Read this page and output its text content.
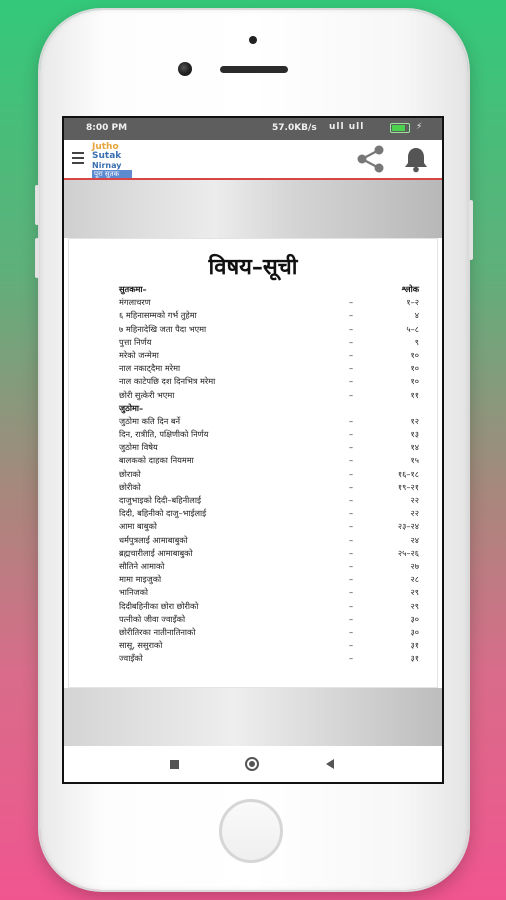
8:00 PM	57.0KB/s ull ull	⚡
Jutho
Sutak
Nirnay
पूरा सुतक
विषय–सूची
सुतकमा–	श्लोक
मंगलाचरण	–	१–२
६ महिनासम्मको गर्भ तुहेमा	–	४
७ महिनादेखि जता पैदा भएमा	–	५–८
पुत्ता निर्णय	–	९
मरेको जन्मेमा	–	१०
नाल नकाट्दैमा मरेमा	–	१०
नाल काटेपछि दश दिनभित्र मरेमा	–	१०
छोरी सुत्केरी भएमा	–	११
जुठोमा–
जुठोमा कति दिन बर्ने	–	१२
दिन, रात्रीति, पक्षिणीको निर्णय	–	१३
जुठोमा विषेय	–	१४
बालकको दाहका नियममा	–	१५
छोराको	–	१६–१८
छोरीको	–	१९–२१
दाजुभाइको दिदी–बहिनीलाई	–	२२
दिदी, बहिनीको दाजु–भाईलाई	–	२२
आमा बाबुको	–	२३–२४
धर्मपुत्रलाई आमाबाबुको	–	२४
ब्रह्मचारीलाई आमाबाबुको	–	२५–२६
सौतिने आमाको	–	२७
मामा माइजुको	–	२८
भानिजको	–	२९
दिदीबहिनीका छोरा छोरीको	–	२९
पत्नीको जीवा ज्वाइँको	–	३०
छोरीतिरका नातीनातिनाको	–	३०
सासू, ससुराको	–	३१
ज्वाइँको	–	३१
